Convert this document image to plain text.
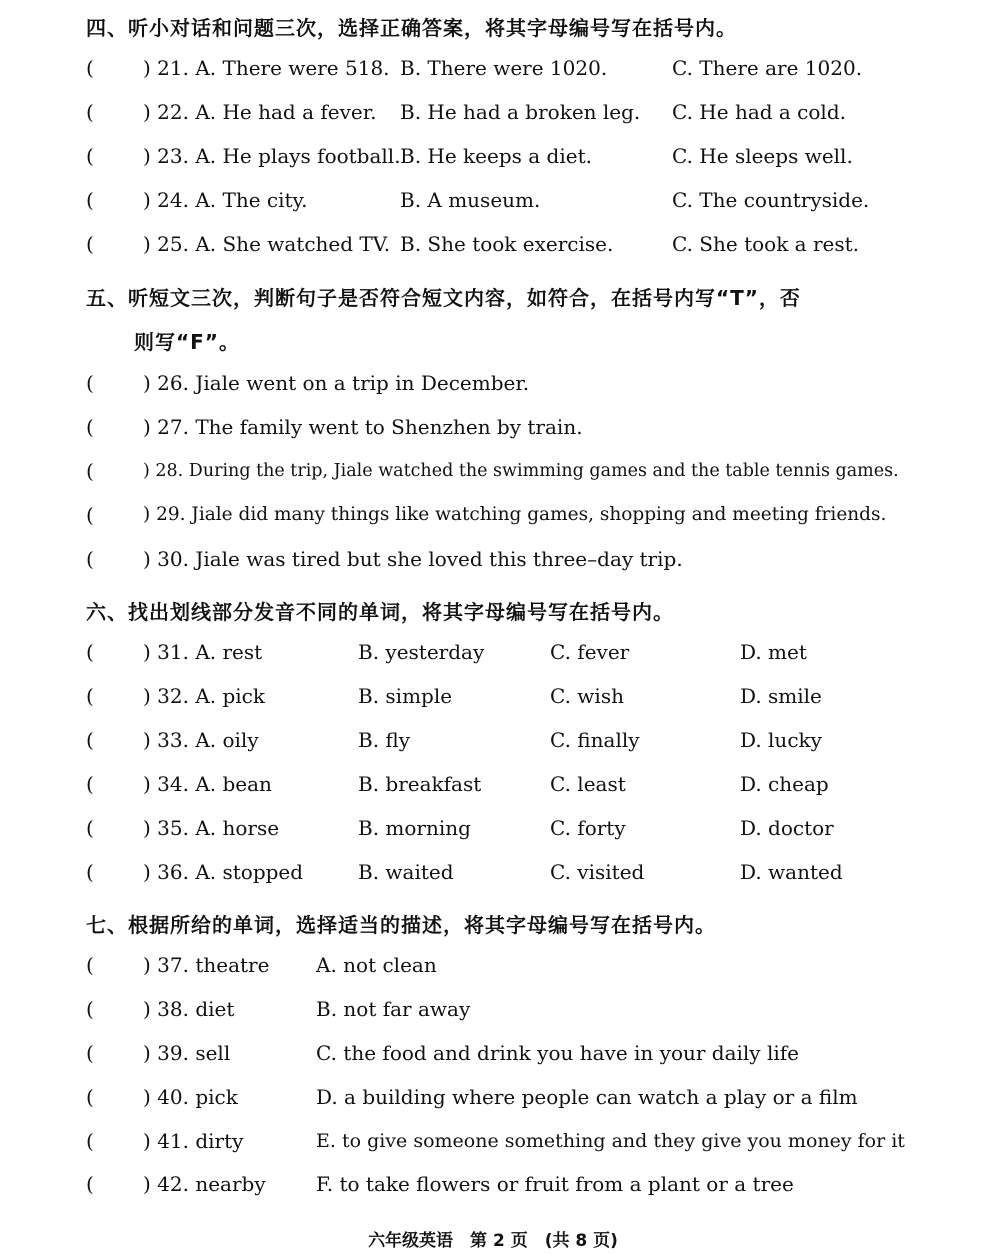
四、听小对话和问题三次，选择正确答案，将其字母编号写在括号内。
( ) 21. A. There were 518. B. There were 1020.	C. There are 1020.
( ) 22. A. He had a fever. B. He had a broken leg. C. He had a cold.
( ) 23. A. He plays football. B. He keeps a diet.	C. He sleeps well.
( ) 24. A. The city.	B. A museum.	C. The countryside.
( ) 25. A. She watched TV. B. She took exercise.	C. She took a rest.
五、听短文三次，判断句子是否符合短文内容，如符合，在括号内写“T”，否
则写“F”。
( ) 26. Jiale went on a trip in December.
( ) 27. The family went to Shenzhen by train.
(	) 28. During the trip, Jiale watched the swimming games and the table tennis games.
(	) 29. Jiale did many things like watching games, shopping and meeting friends.
( ) 30. Jiale was tired but she loved this three–day trip.
六、找出划线部分发音不同的单词，将其字母编号写在括号内。
( ) 31. A. rest	B. yesterday	C. fever	D. met
( ) 32. A. pick	B. simple	C. wish	D. smile
( ) 33. A. oily	B. fly	C. finally	D. lucky
( ) 34. A. bean	B. breakfast	C. least	D. cheap
( ) 35. A. horse	B. morning	C. forty	D. doctor
( ) 36. A. stopped	B. waited	C. visited	D. wanted
七、根据所给的单词，选择适当的描述，将其字母编号写在括号内。
( ) 37. theatre A. not clean
( ) 38. diet	B. not far away
( ) 39. sell	C. the food and drink you have in your daily life
( ) 40. pick	D. a building where people can watch a play or a film
( ) 41. dirty	E. to give someone something and they give you money for it
( ) 42. nearby	F. to take flowers or fruit from a plant or a tree
六年级英语　第 2 页　(共 8 页)
